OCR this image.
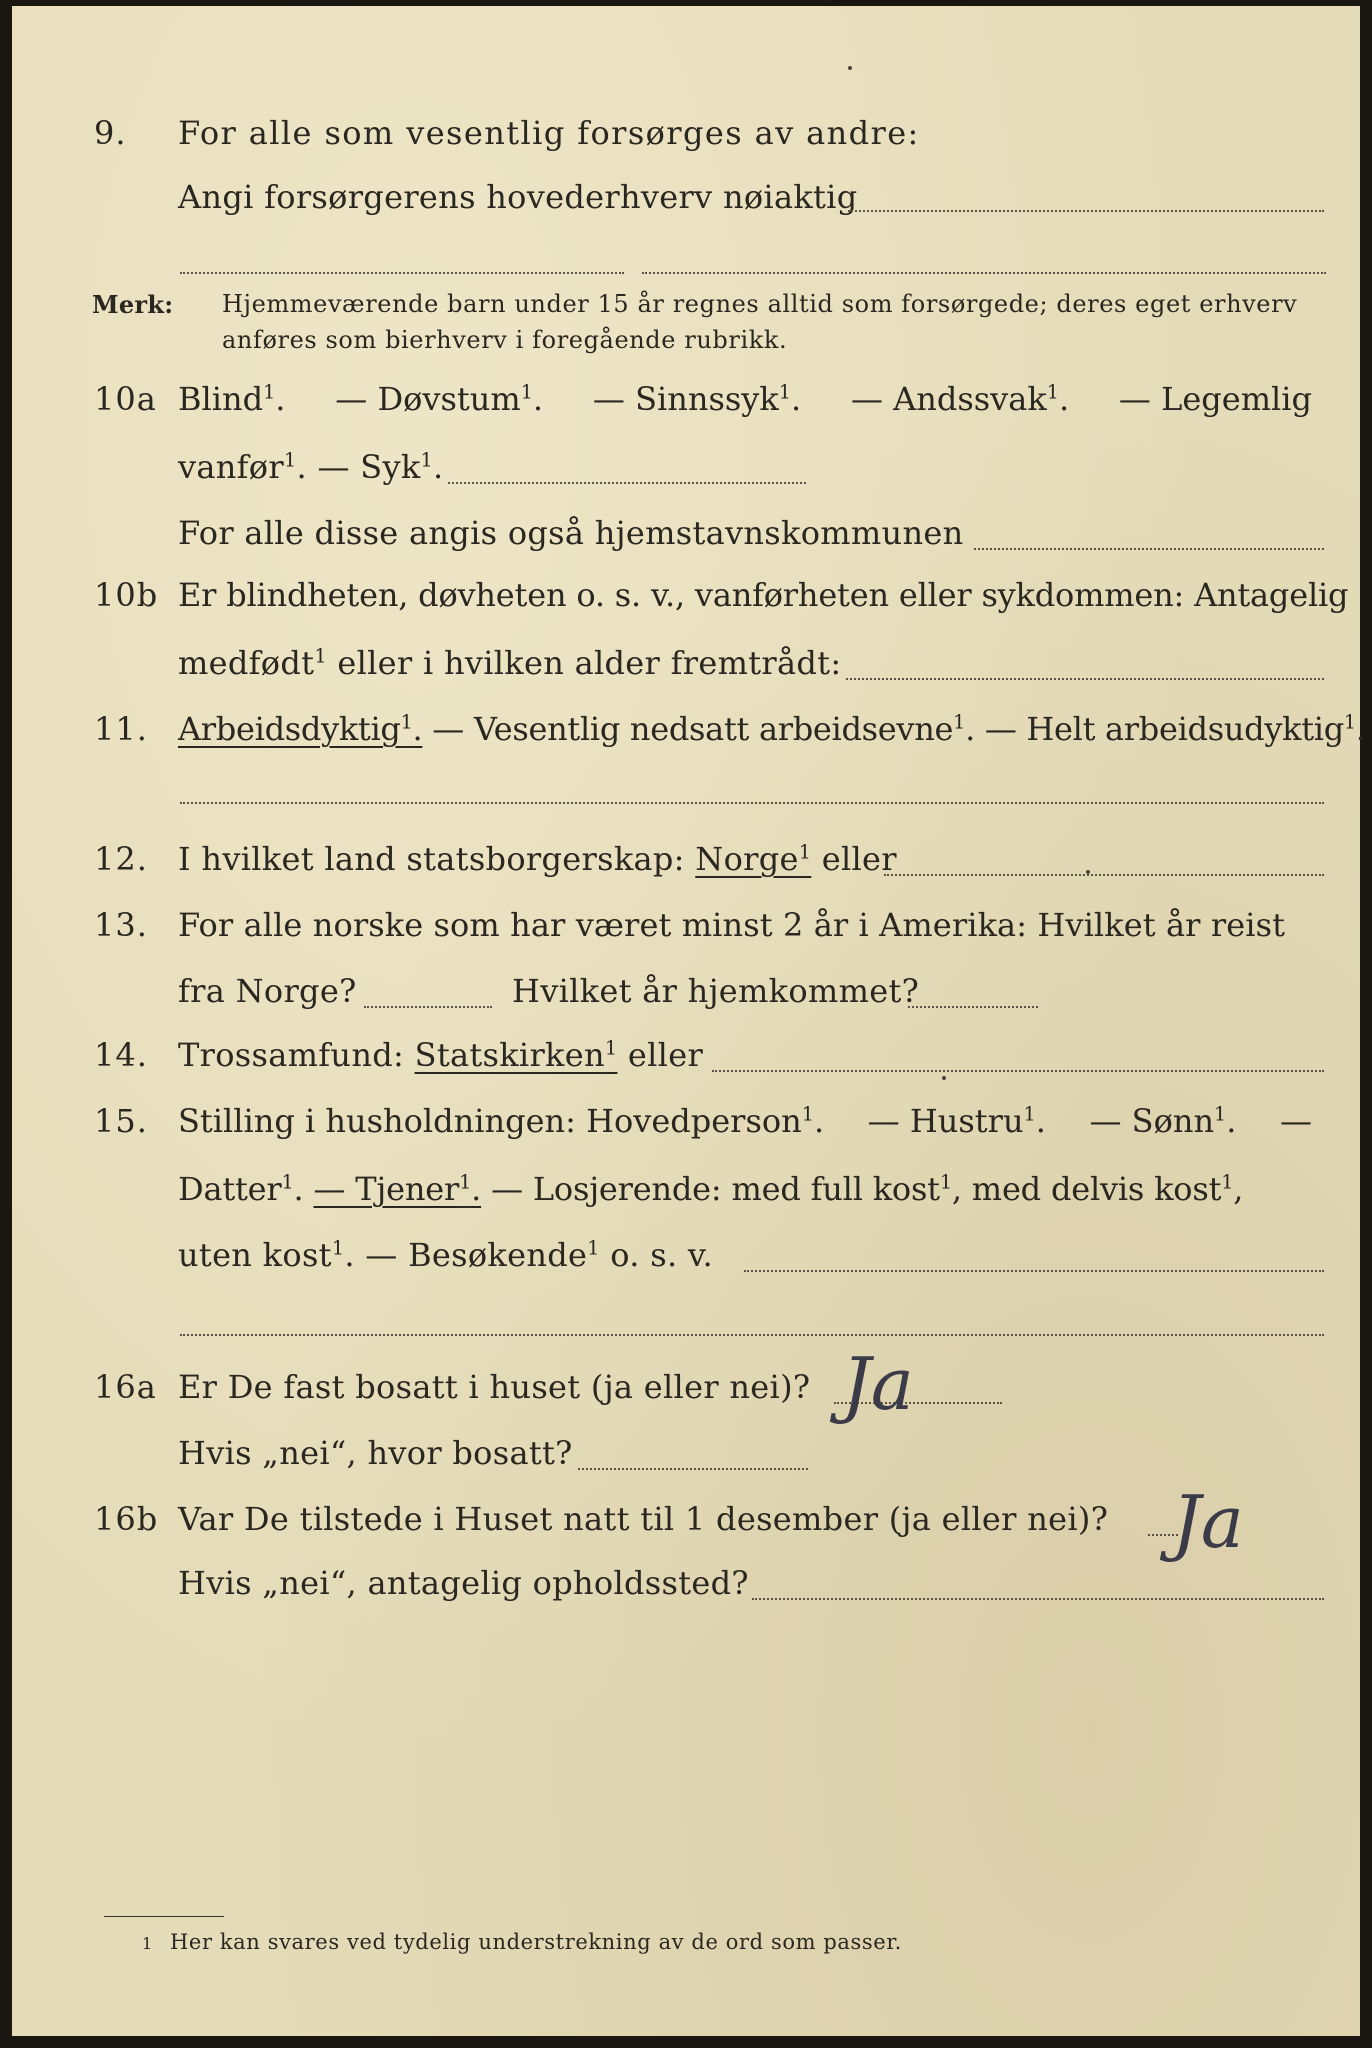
9. For alle som vesentlig forsørges av andre:
Angi forsørgerens hovederhverv nøiaktig
Merk: Hjemmeværende barn under 15 år regnes alltid som forsørgede; deres eget erhverv
anføres som bierhverv i foregående rubrikk.
10a Blind$^1$. — Døvstum$^1$. — Sinnssyk$^1$. — Andssvak$^1$. — Legemlig
vanfør$^1$. — Syk$^1$.
For alle disse angis også hjemstavnskommunen
10b Er blindheten, døvheten o. s. v., vanførheten eller sykdommen: Antagelig
medfødt$^1$ eller i hvilken alder fremtrådt:
11. Arbeidsdyktig$^1$. — Vesentlig nedsatt arbeidsevne$^1$. — Helt arbeidsudyktig$^1$.
12. I hvilket land statsborgerskap: Norge$^1$ eller
13. For alle norske som har været minst 2 år i Amerika: Hvilket år reist
fra Norge?	Hvilket år hjemkommet?
14. Trossamfund: Statskirken$^1$ eller
15. Stilling i husholdningen: Hovedperson$^1$. — Hustru$^1$. — Sønn$^1$. —
Datter$^1$. — Tjener$^1$. — Losjerende: med full kost$^1$, med delvis kost$^1$,
uten kost$^1$. — Besøkende$^1$ o. s. v.
16a Er De fast bosatt i huset (ja eller nei)? Ja
Hvis „nei“, hvor bosatt?
16b Var De tilstede i Huset natt til 1 desember (ja eller nei)? Ja
Hvis „nei“, antagelig opholdssted?
1 Her kan svares ved tydelig understrekning av de ord som passer.
